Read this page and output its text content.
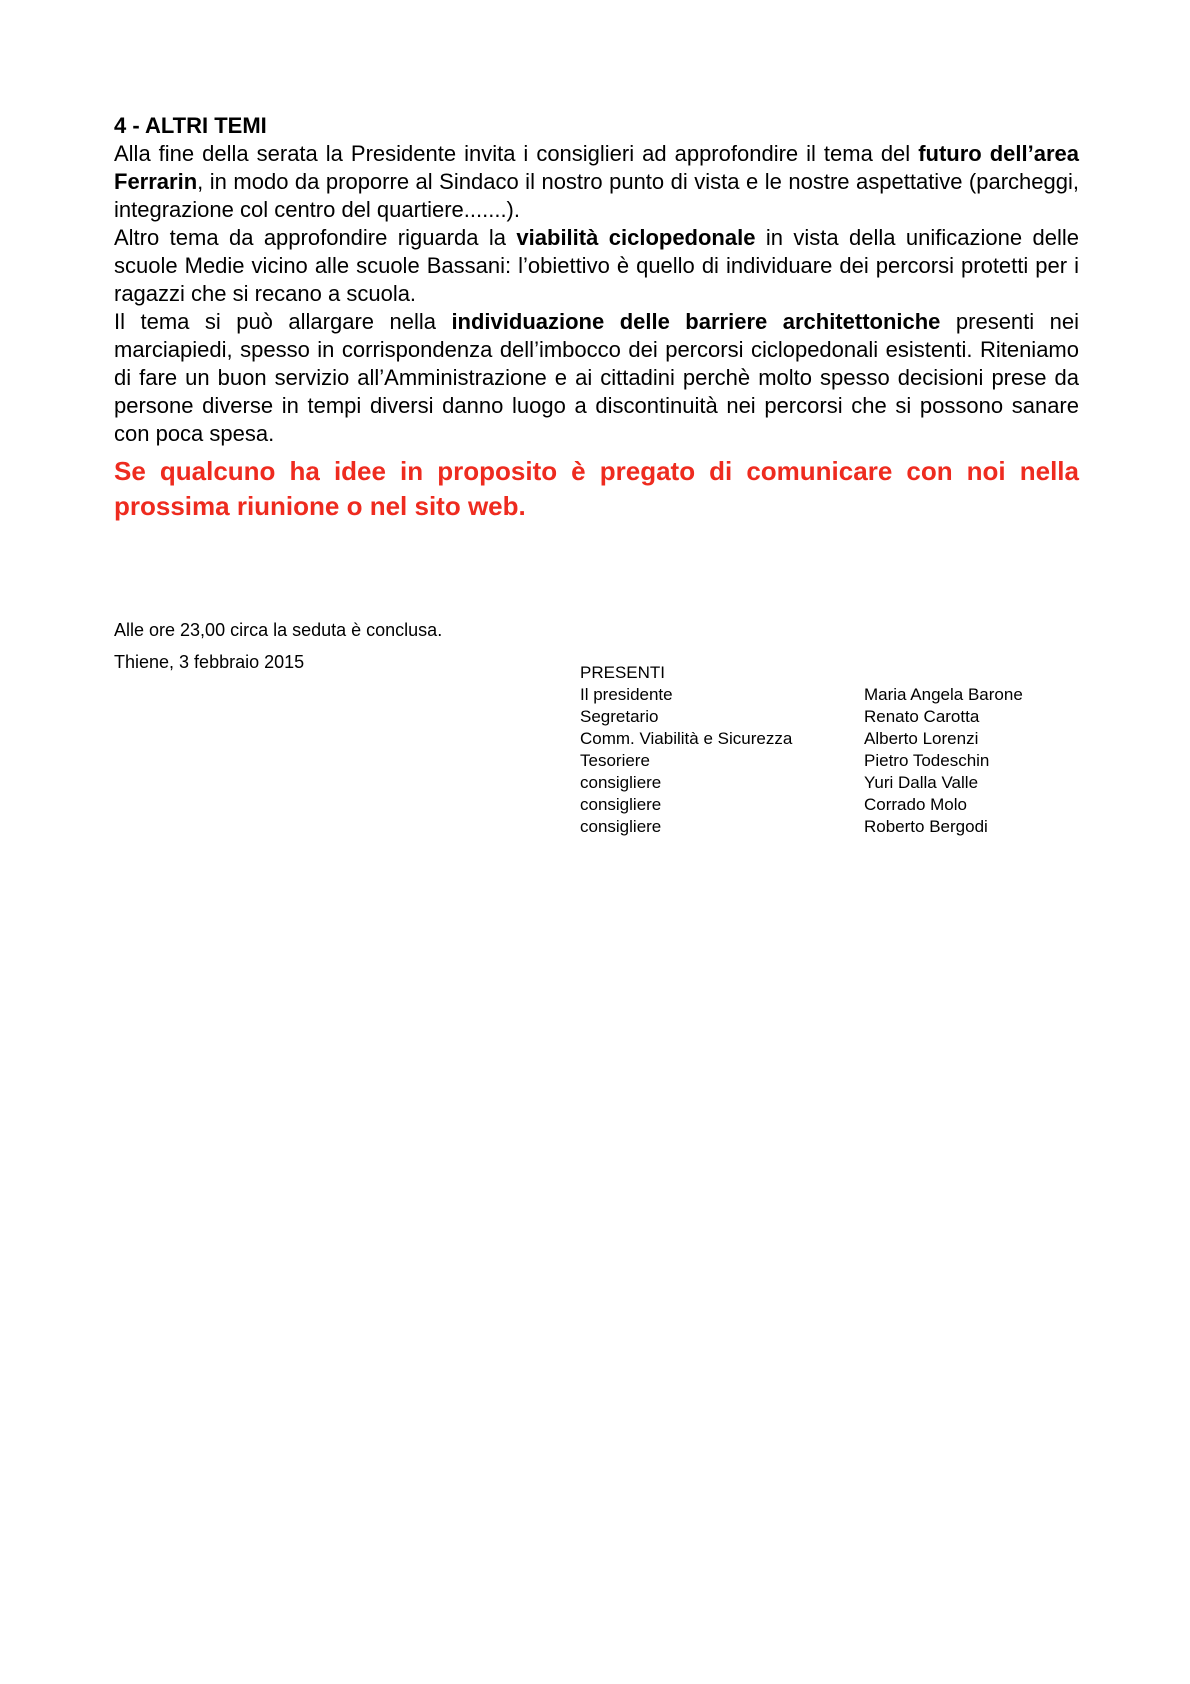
4 - ALTRI TEMI

Alla fine della serata la Presidente invita i consiglieri ad approfondire il tema del futuro dell’area Ferrarin, in modo da proporre al Sindaco il nostro punto di vista e le nostre aspettative (parcheggi, integrazione col centro del quartiere.......).

Altro tema da approfondire riguarda la viabilità ciclopedonale in vista della unificazione delle scuole Medie vicino alle scuole Bassani: l’obiettivo è quello di individuare dei percorsi protetti per i ragazzi che si recano a scuola.

Il tema si può allargare nella individuazione delle barriere architettoniche presenti nei marciapiedi, spesso in corrispondenza dell’imbocco dei percorsi ciclopedonali esistenti. Riteniamo di fare un buon servizio all’Amministrazione e ai cittadini perchè molto spesso decisioni prese da persone diverse in tempi diversi danno luogo a discontinuità nei percorsi che si possono sanare con poca spesa.

Se qualcuno ha idee in proposito è pregato di comunicare con noi nella prossima riunione o nel sito web.

Alle ore 23,00 circa la seduta è conclusa.
Thiene, 3 febbraio 2015
PRESENTI
Il presidente	Maria Angela Barone
Segretario	Renato Carotta
Comm. Viabilità e Sicurezza	Alberto Lorenzi
Tesoriere	Pietro Todeschin
consigliere	Yuri Dalla Valle
consigliere	Corrado Molo
consigliere	Roberto Bergodi
